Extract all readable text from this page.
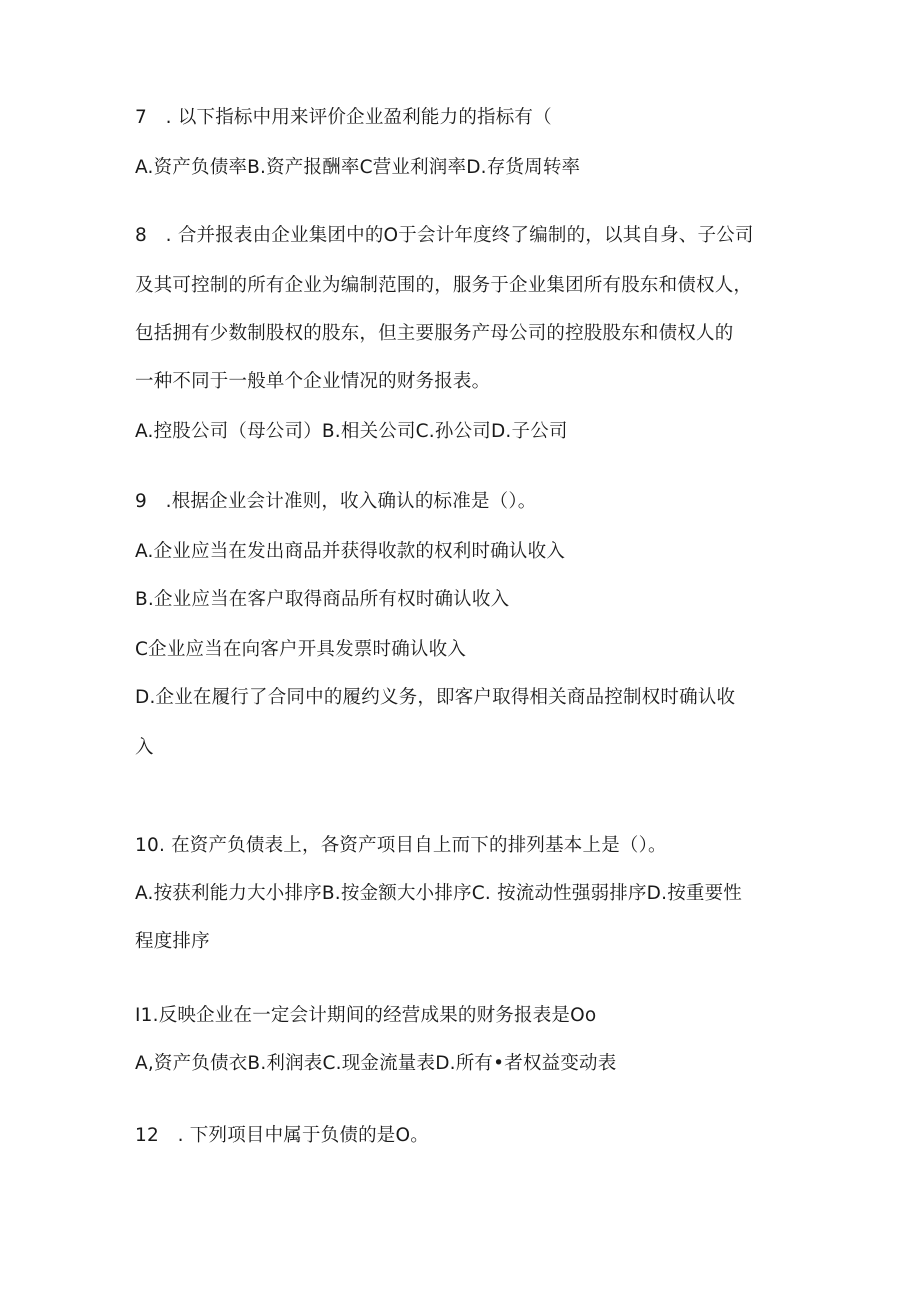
7　. 以下指标中用来评价企业盈利能力的指标有（
A.资产负债率B.资产报酬率C营业利润率D.存货周转率
8　. 合并报表由企业集团中的O于会计年度终了编制的，以其自身、子公司
及其可控制的所有企业为编制范围的，服务于企业集团所有股东和债权人，
包括拥有少数制股权的股东，但主要服务产母公司的控股股东和债权人的
一种不同于一般单个企业情况的财务报表。
A.控股公司（母公司）B.相关公司C.孙公司D.子公司
9　.根据企业会计准则，收入确认的标准是（）。
A.企业应当在发出商品并获得收款的权利时确认收入
B.企业应当在客户取得商品所有权时确认收入
C企业应当在向客户开具发票时确认收入
D.企业在履行了合同中的履约义务，即客户取得相关商品控制权时确认收
入
10. 在资产负债表上，各资产项目自上而下的排列基本上是（）。
A.按获利能力大小排序B.按金额大小排序C. 按流动性强弱排序D.按重要性
程度排序
I1.反映企业在一定会计期间的经营成果的财务报表是Oo
A,资产负债衣B.利润表C.现金流量表D.所有•者权益变动表
12　. 下列项目中属于负债的是O。
